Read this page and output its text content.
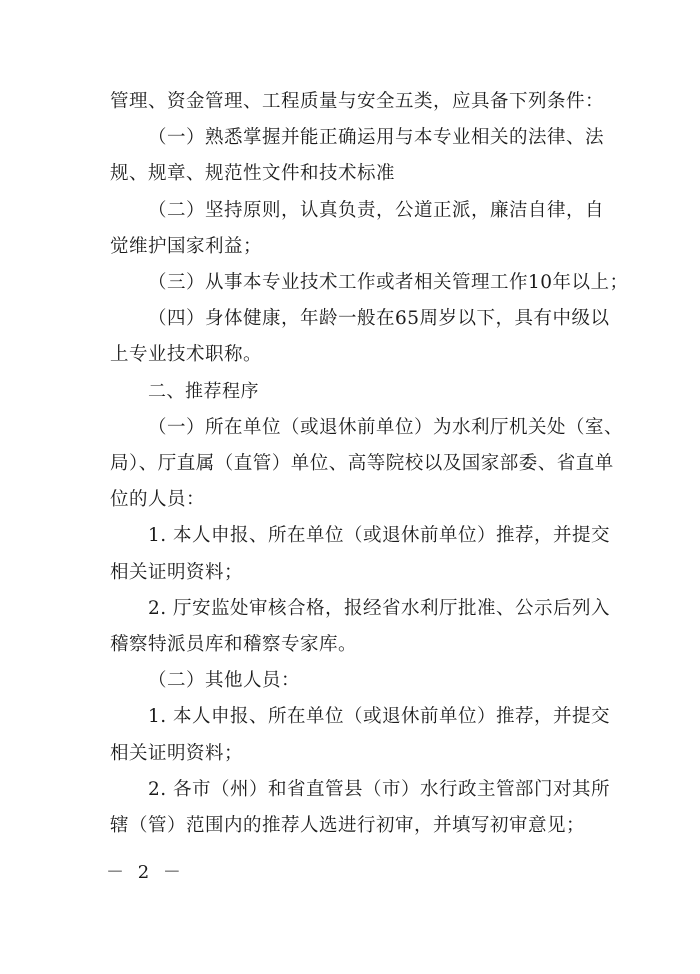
管理、资金管理、工程质量与安全五类，应具备下列条件：
（一）熟悉掌握并能正确运用与本专业相关的法律、法
规、规章、规范性文件和技术标准
（二）坚持原则，认真负责，公道正派，廉洁自律，自
觉维护国家利益；
（三）从事本专业技术工作或者相关管理工作10年以上；
（四）身体健康，年龄一般在65周岁以下，具有中级以
上专业技术职称。
二、推荐程序
（一）所在单位（或退休前单位）为水利厅机关处（室、
局）、厅直属（直管）单位、高等院校以及国家部委、省直单
位的人员：
1. 本人申报、所在单位（或退休前单位）推荐，并提交
相关证明资料；
2. 厅安监处审核合格，报经省水利厅批准、公示后列入
稽察特派员库和稽察专家库。
（二）其他人员：
1. 本人申报、所在单位（或退休前单位）推荐，并提交
相关证明资料；
2. 各市（州）和省直管县（市）水行政主管部门对其所
辖（管）范围内的推荐人选进行初审，并填写初审意见；
－ 2 －
